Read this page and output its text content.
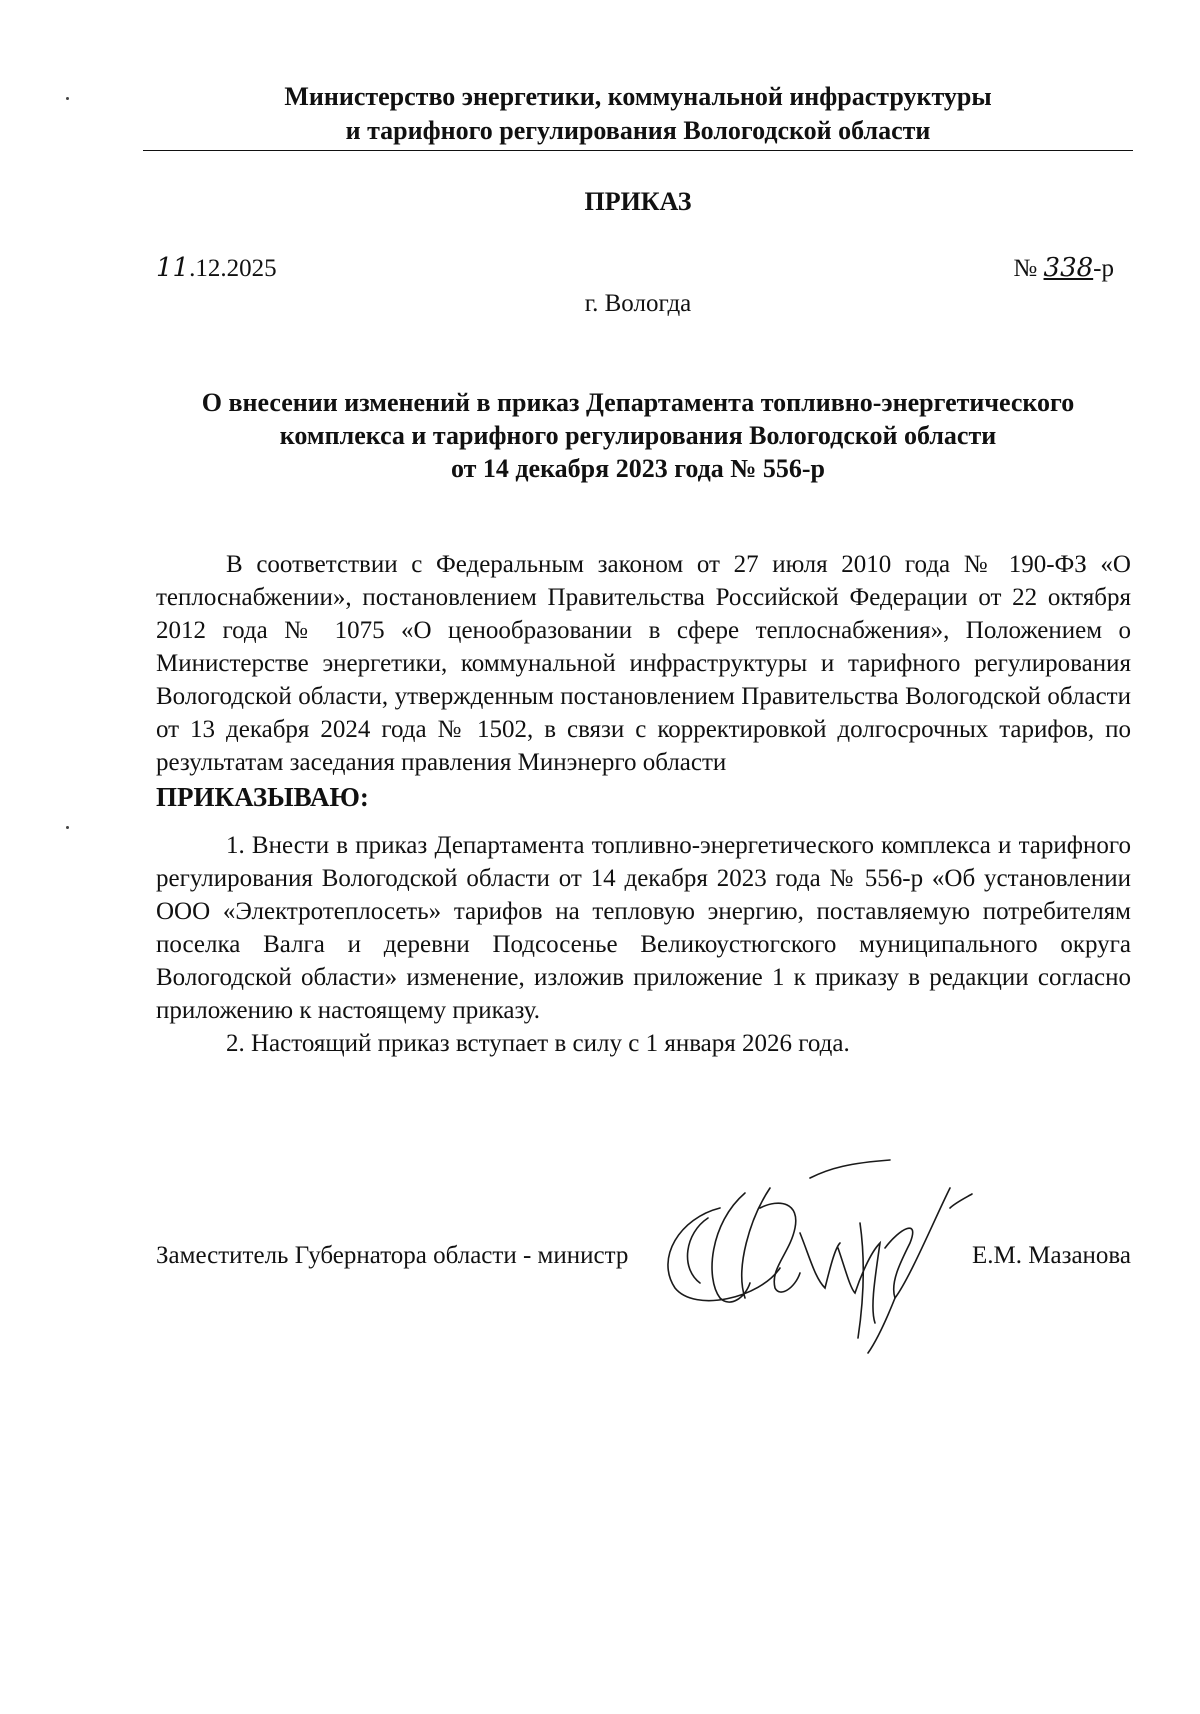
Министерство энергетики, коммунальной инфраструктуры
и тарифного регулирования Вологодской области
ПРИКАЗ
11.12.2025	№ 338-р
г. Вологда
О внесении изменений в приказ Департамента топливно-энергетического
комплекса и тарифного регулирования Вологодской области
от 14 декабря 2023 года № 556-р

В соответствии с Федеральным законом от 27 июля 2010 года № 190-ФЗ «О теплоснабжении», постановлением Правительства Российской Федерации от 22 октября 2012 года № 1075 «О ценообразовании в сфере теплоснабжения», Положением о Министерстве энергетики, коммунальной инфраструктуры и тарифного регулирования Вологодской области, утвержденным постановлением Правительства Вологодской области от 13 декабря 2024 года № 1502, в связи с корректировкой долгосрочных тарифов, по результатам заседания правления Минэнерго области

ПРИКАЗЫВАЮ:

1. Внести в приказ Департамента топливно-энергетического комплекса и тарифного регулирования Вологодской области от 14 декабря 2023 года № 556-р «Об установлении ООО «Электротеплосеть» тарифов на тепловую энергию, поставляемую потребителям поселка Валга и деревни Подсосенье Великоустюгского муниципального округа Вологодской области» изменение, изложив приложение 1 к приказу в редакции согласно приложению к настоящему приказу.

2. Настоящий приказ вступает в силу с 1 января 2026 года.

Заместитель Губернатора области - министр	Е.М. Мазанова
